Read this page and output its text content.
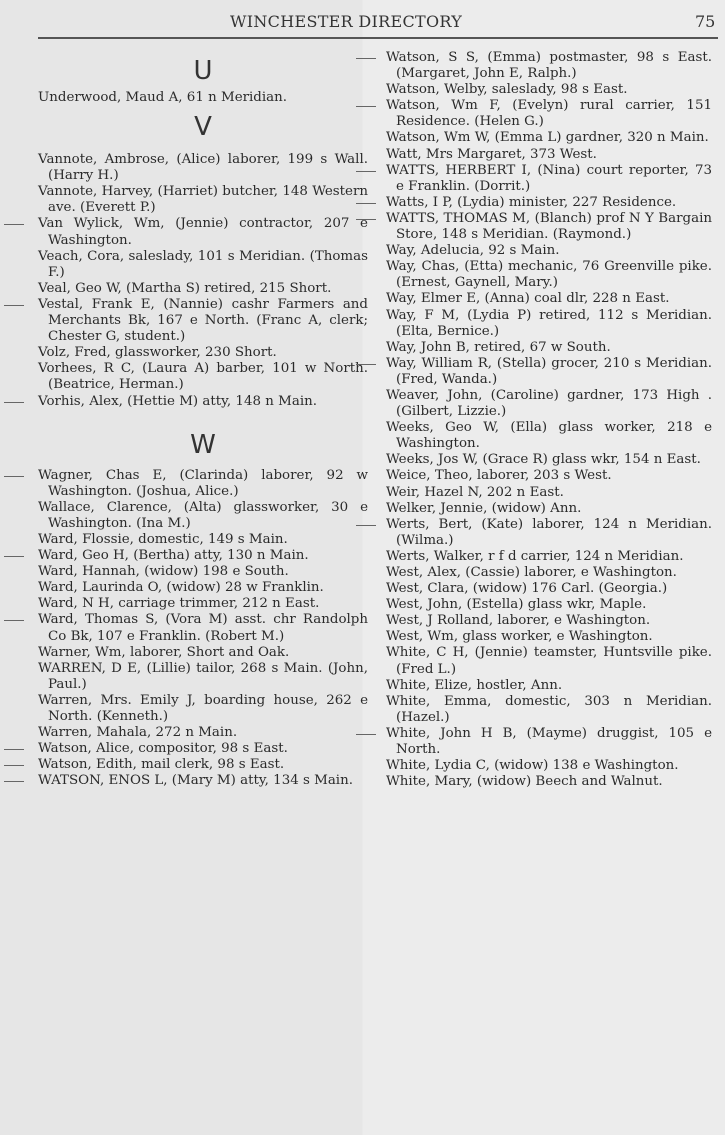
WINCHESTER DIRECTORY	75
U

Underwood, Maud A, 61 n Meridian.

V

Vannote, Ambrose, (Alice) laborer, 199 s Wall. (Harry H.)

Vannote, Harvey, (Harriet) butcher, 148 Western ave. (Everett P.)

Van Wylick, Wm, (Jennie) contractor, 207 e Washington.

Veach, Cora, saleslady, 101 s Meridian. (Thomas F.)

Veal, Geo W, (Martha S) retired, 215 Short.

Vestal, Frank E, (Nannie) cashr Farmers and Merchants Bk, 167 e North. (Franc A, clerk; Chester G, student.)

Volz, Fred, glassworker, 230 Short.

Vorhees, R C, (Laura A) barber, 101 w North. (Beatrice, Herman.)

Vorhis, Alex, (Hettie M) atty, 148 n Main.

W

Wagner, Chas E, (Clarinda) laborer, 92 w Washington. (Joshua, Alice.)

Wallace, Clarence, (Alta) glassworker, 30 e Washington. (Ina M.)

Ward, Flossie, domestic, 149 s Main.

Ward, Geo H, (Bertha) atty, 130 n Main.

Ward, Hannah, (widow) 198 e South.

Ward, Laurinda O, (widow) 28 w Franklin.

Ward, N H, carriage trimmer, 212 n East.

Ward, Thomas S, (Vora M) asst. chr Randolph Co Bk, 107 e Franklin. (Robert M.)

Warner, Wm, laborer, Short and Oak.

WARREN, D E, (Lillie) tailor, 268 s Main. (John, Paul.)

Warren, Mrs. Emily J, boarding house, 262 e North. (Kenneth.)

Warren, Mahala, 272 n Main.

Watson, Alice, compositor, 98 s East.

Watson, Edith, mail clerk, 98 s East.

WATSON, ENOS L, (Mary M) atty, 134 s Main.

Watson, S S, (Emma) postmaster, 98 s East. (Margaret, John E, Ralph.)

Watson, Welby, saleslady, 98 s East.

Watson, Wm F, (Evelyn) rural carrier, 151 Residence. (Helen G.)

Watson, Wm W, (Emma L) gardner, 320 n Main.

Watt, Mrs Margaret, 373 West.

WATTS, HERBERT I, (Nina) court reporter, 73 e Franklin. (Dorrit.)

Watts, I P, (Lydia) minister, 227 Residence.

WATTS, THOMAS M, (Blanch) prof N Y Bargain Store, 148 s Meridian. (Raymond.)

Way, Adelucia, 92 s Main.

Way, Chas, (Etta) mechanic, 76 Greenville pike. (Ernest, Gaynell, Mary.)

Way, Elmer E, (Anna) coal dlr, 228 n East.

Way, F M, (Lydia P) retired, 112 s Meridian. (Elta, Bernice.)

Way, John B, retired, 67 w South.

Way, William R, (Stella) grocer, 210 s Meridian. (Fred, Wanda.)

Weaver, John, (Caroline) gardner, 173 High . (Gilbert, Lizzie.)

Weeks, Geo W, (Ella) glass worker, 218 e Washington.

Weeks, Jos W, (Grace R) glass wkr, 154 n East.

Weice, Theo, laborer, 203 s West.

Weir, Hazel N, 202 n East.

Welker, Jennie, (widow) Ann.

Werts, Bert, (Kate) laborer, 124 n Meridian. (Wilma.)

Werts, Walker, r f d carrier, 124 n Meridian.

West, Alex, (Cassie) laborer, e Washington.

West, Clara, (widow) 176 Carl. (Georgia.)

West, John, (Estella) glass wkr, Maple.

West, J Rolland, laborer, e Washington.

West, Wm, glass worker, e Washington.

White, C H, (Jennie) teamster, Huntsville pike. (Fred L.)

White, Elize, hostler, Ann.

White, Emma, domestic, 303 n Meridian. (Hazel.)

White, John H B, (Mayme) druggist, 105 e North.

White, Lydia C, (widow) 138 e Washington.

White, Mary, (widow) Beech and Walnut.
